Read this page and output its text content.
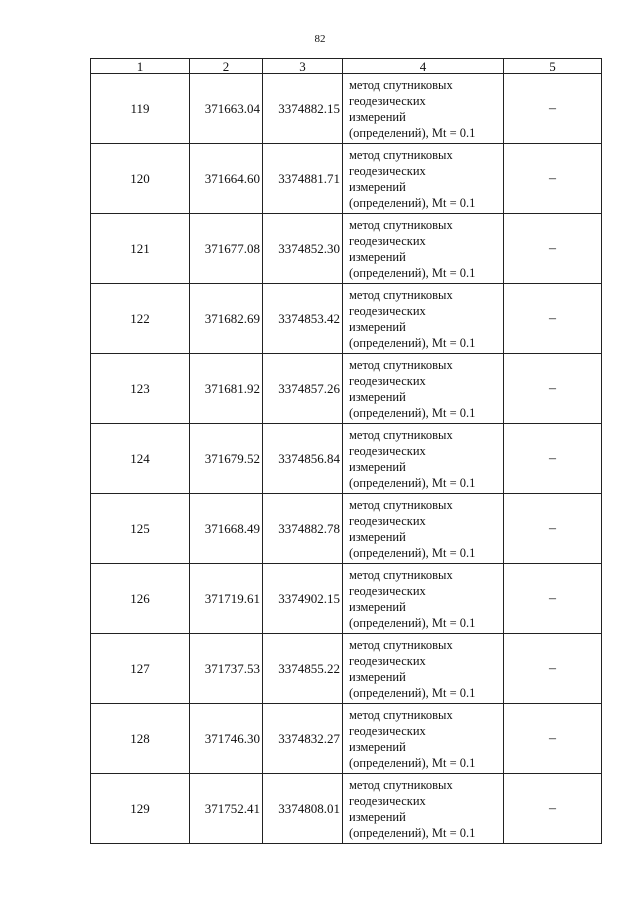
82
1	2	3	4	5
119	371663.04	3374882.15	метод спутниковых
геодезических
измерений
(определений), Mt = 0.1	–
120	371664.60	3374881.71	метод спутниковых
геодезических
измерений
(определений), Mt = 0.1	–
121	371677.08	3374852.30	метод спутниковых
геодезических
измерений
(определений), Mt = 0.1	–
122	371682.69	3374853.42	метод спутниковых
геодезических
измерений
(определений), Mt = 0.1	–
123	371681.92	3374857.26	метод спутниковых
геодезических
измерений
(определений), Mt = 0.1	–
124	371679.52	3374856.84	метод спутниковых
геодезических
измерений
(определений), Mt = 0.1	–
125	371668.49	3374882.78	метод спутниковых
геодезических
измерений
(определений), Mt = 0.1	–
126	371719.61	3374902.15	метод спутниковых
геодезических
измерений
(определений), Mt = 0.1	–
127	371737.53	3374855.22	метод спутниковых
геодезических
измерений
(определений), Mt = 0.1	–
128	371746.30	3374832.27	метод спутниковых
геодезических
измерений
(определений), Mt = 0.1	–
129	371752.41	3374808.01	метод спутниковых
геодезических
измерений
(определений), Mt = 0.1	–
